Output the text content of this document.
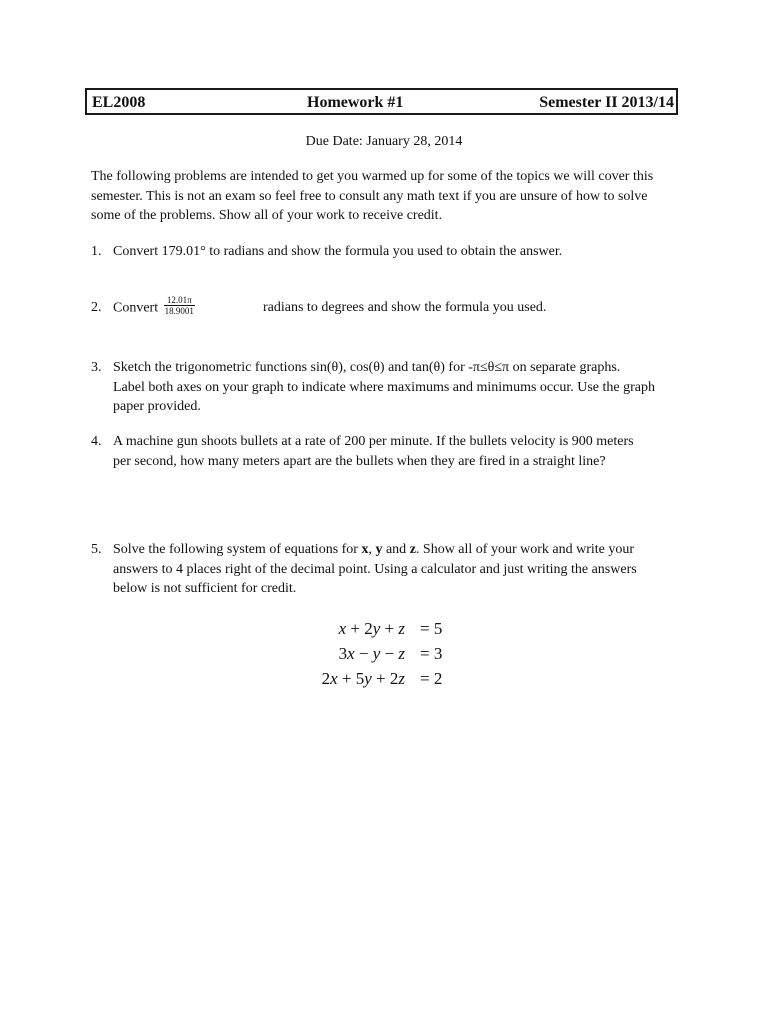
EL2008	Homework #1	Semester II 2013/14
Due Date: January 28, 2014
The following problems are intended to get you warmed up for some of the topics we will cover this
semester. This is not an exam so feel free to consult any math text if you are unsure of how to solve
some of the problems. Show all of your work to receive credit.
1. Convert 179.01° to radians and show the formula you used to obtain the answer.
2. Convert $\frac{12.01\pi}{18.9001}$	radians to degrees and show the formula you used.
3. Sketch the trigonometric functions sin(θ), cos(θ) and tan(θ) for -π≤θ≤π on separate graphs.
Label both axes on your graph to indicate where maximums and minimums occur. Use the graph
paper provided.
4. A machine gun shoots bullets at a rate of 200 per minute. If the bullets velocity is 900 meters
per second, how many meters apart are the bullets when they are fired in a straight line?
5. Solve the following system of equations for x, y and z. Show all of your work and write your
answers to 4 places right of the decimal point. Using a calculator and just writing the answers
below is not sufficient for credit.
x + 2y + z = 5
3x − y − z = 3
2x + 5y + 2z = 2
